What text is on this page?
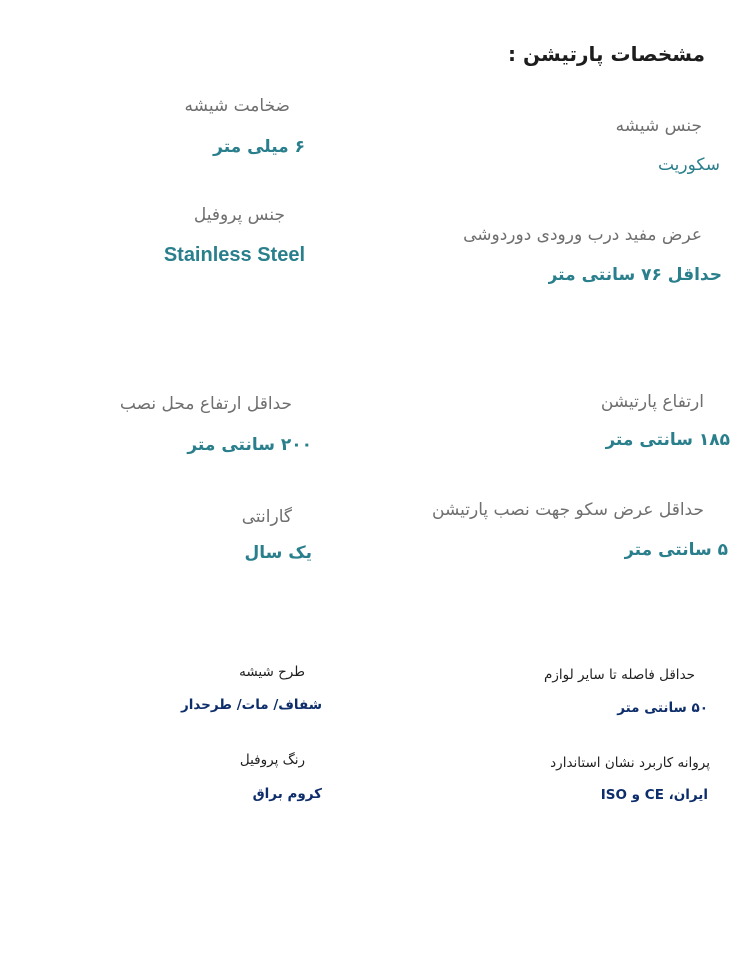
مشخصات پارتیشن :
ضخامت شیشه
۶ میلی متر
جنس شیشه
سکوریت
جنس پروفیل
Stainless Steel
عرض مفید درب ورودی دوردوشی
حداقل ۷۶ سانتی متر
حداقل ارتفاع محل نصب
۲۰۰ سانتی متر
ارتفاع پارتیشن
۱۸۵ سانتی متر
گارانتی
یک سال
حداقل عرض سکو جهت نصب پارتیشن
۵ سانتی متر
طرح شیشه
شفاف/ مات/ طرحدار
حداقل فاصله تا سایر لوازم
۵۰ سانتی متر
رنگ پروفیل
کروم براق
پروانه کاربرد نشان استاندارد
ایران، CE و ISO
